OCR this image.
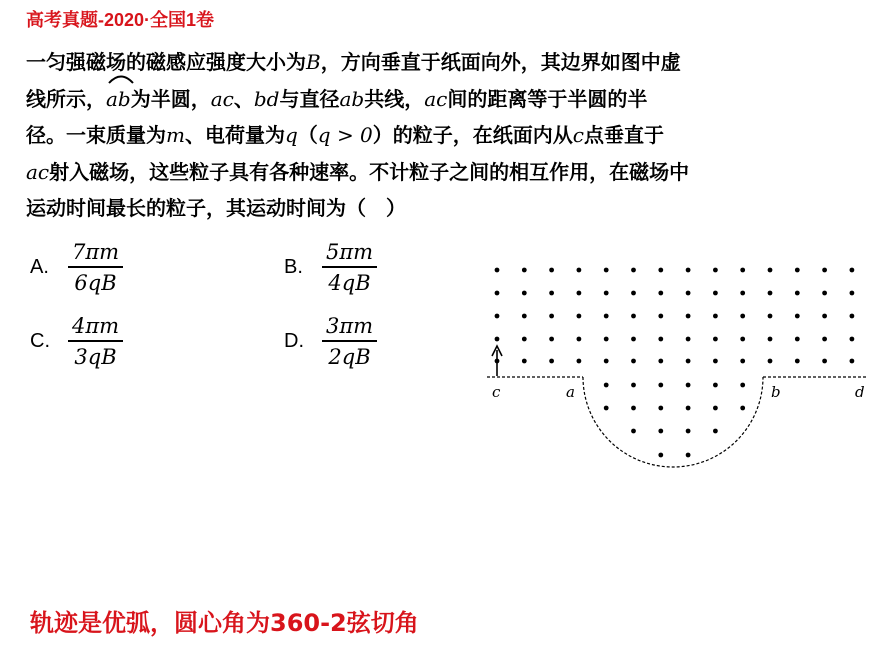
高考真题-2020·全国1卷
一匀强磁场的磁感应强度大小为B，方向垂直于纸面向外，其边界如图中虚
线所示，
ab为半圆，ac、bd与直径ab共线，ac间的距离等于半圆的半
径。一束质量为m、电荷量为q（q > 0）的粒子，在纸面内从c点垂直于
ac射入磁场，这些粒子具有各种速率。不计粒子之间的相互作用，在磁场中
运动时间最长的粒子，其运动时间为（　）
A. $\frac{7\pi m}{6qB}$	B. $\frac{5\pi m}{4qB}$
C. $\frac{4\pi m}{3qB}$	D. $\frac{3\pi m}{2qB}$
c	a	b	d
轨迹是优弧，圆心角为360-2弦切角
